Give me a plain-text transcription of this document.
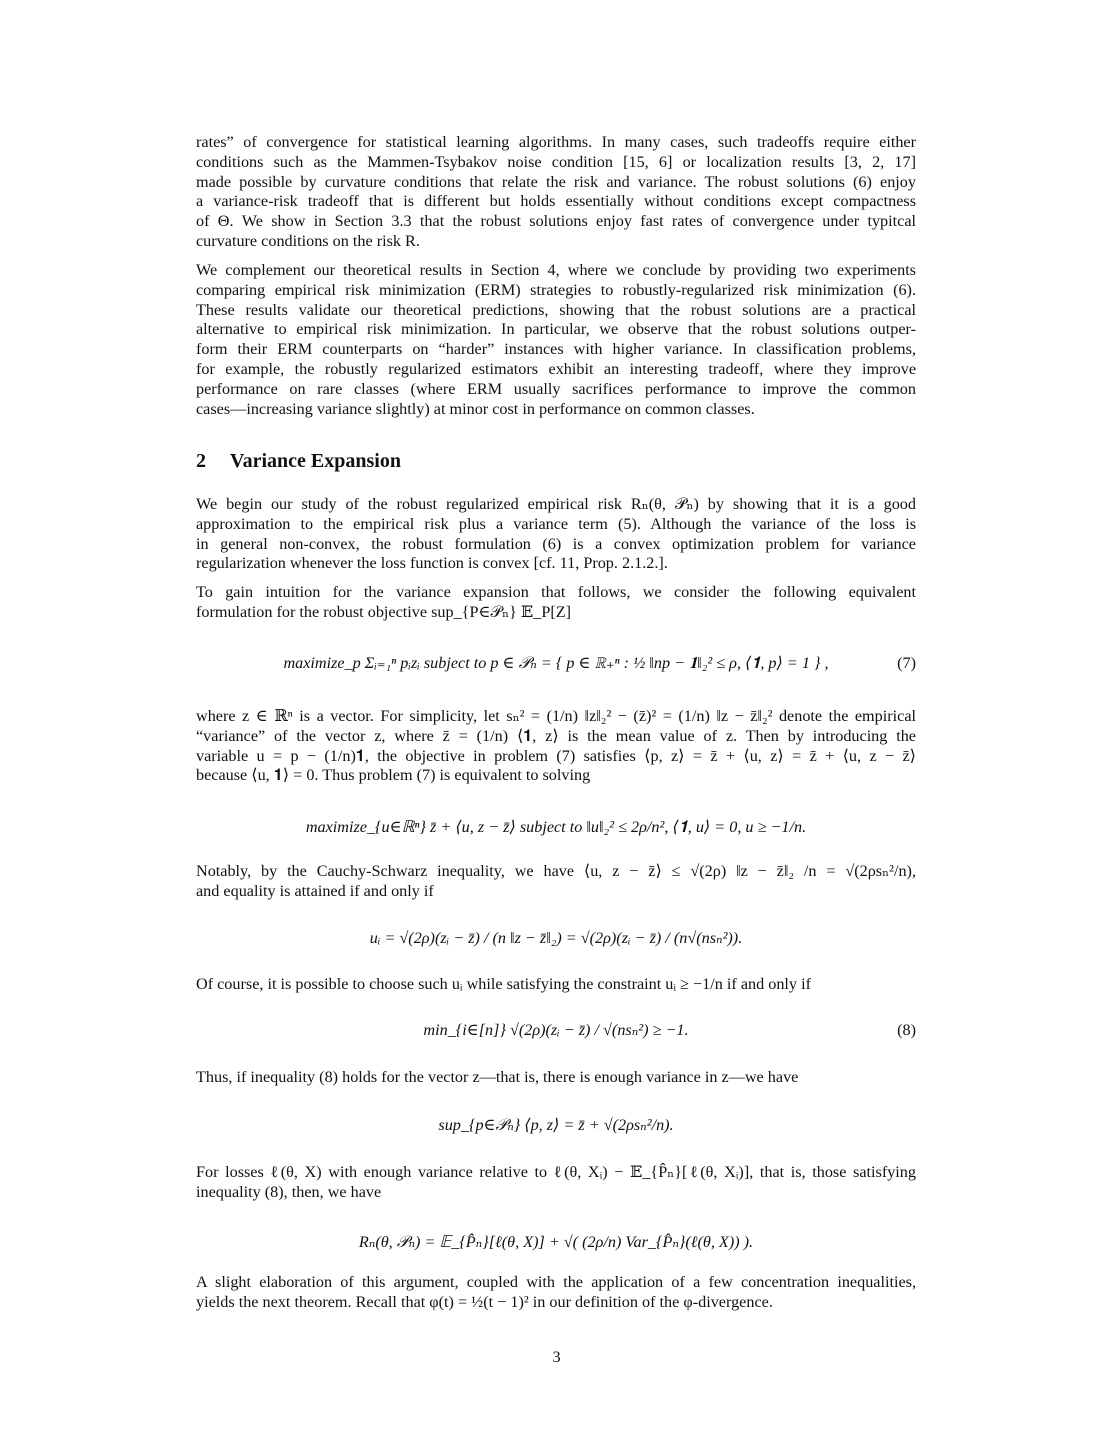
rates” of convergence for statistical learning algorithms. In many cases, such tradeoffs require either
conditions such as the Mammen-Tsybakov noise condition [15, 6] or localization results [3, 2, 17]
made possible by curvature conditions that relate the risk and variance. The robust solutions (6) enjoy
a variance-risk tradeoff that is different but holds essentially without conditions except compactness
of Θ. We show in Section 3.3 that the robust solutions enjoy fast rates of convergence under typitcal
curvature conditions on the risk R.
We complement our theoretical results in Section 4, where we conclude by providing two experiments
comparing empirical risk minimization (ERM) strategies to robustly-regularized risk minimization (6).
These results validate our theoretical predictions, showing that the robust solutions are a practical
alternative to empirical risk minimization. In particular, we observe that the robust solutions outper-
form their ERM counterparts on “harder” instances with higher variance. In classification problems,
for example, the robustly regularized estimators exhibit an interesting tradeoff, where they improve
performance on rare classes (where ERM usually sacrifices performance to improve the common
cases—increasing variance slightly) at minor cost in performance on common classes.
2 Variance Expansion
We begin our study of the robust regularized empirical risk Rₙ(θ, 𝒫ₙ) by showing that it is a good
approximation to the empirical risk plus a variance term (5). Although the variance of the loss is
in general non-convex, the robust formulation (6) is a convex optimization problem for variance
regularization whenever the loss function is convex [cf. 11, Prop. 2.1.2.].
To gain intuition for the variance expansion that follows, we consider the following equivalent
formulation for the robust objective sup_{P∈𝒫ₙ} 𝔼_P[Z]
maximize_p Σᵢ₌₁ⁿ pᵢzᵢ subject to p ∈ 𝒫ₙ = { p ∈ ℝ₊ⁿ : ½ ‖np − 𝟏‖₂² ≤ ρ, ⟨𝟏, p⟩ = 1 } ,	(7)
where z ∈ ℝⁿ is a vector. For simplicity, let sₙ² = (1/n) ‖z‖₂² − (z̄)² = (1/n) ‖z − z̄‖₂² denote the empirical
“variance” of the vector z, where z̄ = (1/n) ⟨𝟏, z⟩ is the mean value of z. Then by introducing the
variable u = p − (1/n)𝟏, the objective in problem (7) satisfies ⟨p, z⟩ = z̄ + ⟨u, z⟩ = z̄ + ⟨u, z − z̄⟩
because ⟨u, 𝟏⟩ = 0. Thus problem (7) is equivalent to solving
maximize_{u∈ℝⁿ} z̄ + ⟨u, z − z̄⟩ subject to ‖u‖₂² ≤ 2ρ/n², ⟨𝟏, u⟩ = 0, u ≥ −1/n.
Notably, by the Cauchy-Schwarz inequality, we have ⟨u, z − z̄⟩ ≤ √(2ρ) ‖z − z̄‖₂ /n = √(2ρsₙ²/n),
and equality is attained if and only if
uᵢ = √(2ρ)(zᵢ − z̄) / (n ‖z − z̄‖₂) = √(2ρ)(zᵢ − z̄) / (n√(nsₙ²)).
Of course, it is possible to choose such uᵢ while satisfying the constraint uᵢ ≥ −1/n if and only if
min_{i∈[n]} √(2ρ)(zᵢ − z̄) / √(nsₙ²) ≥ −1.	(8)
Thus, if inequality (8) holds for the vector z—that is, there is enough variance in z—we have
sup_{p∈𝒫ₙ} ⟨p, z⟩ = z̄ + √(2ρsₙ²/n).
For losses ℓ(θ, X) with enough variance relative to ℓ(θ, Xᵢ) − 𝔼_{P̂ₙ}[ℓ(θ, Xᵢ)], that is, those satisfying
inequality (8), then, we have
Rₙ(θ, 𝒫ₙ) = 𝔼_{P̂ₙ}[ℓ(θ, X)] + √( (2ρ/n) Var_{P̂ₙ}(ℓ(θ, X)) ).
A slight elaboration of this argument, coupled with the application of a few concentration inequalities,
yields the next theorem. Recall that φ(t) = ½(t − 1)² in our definition of the φ-divergence.
3
